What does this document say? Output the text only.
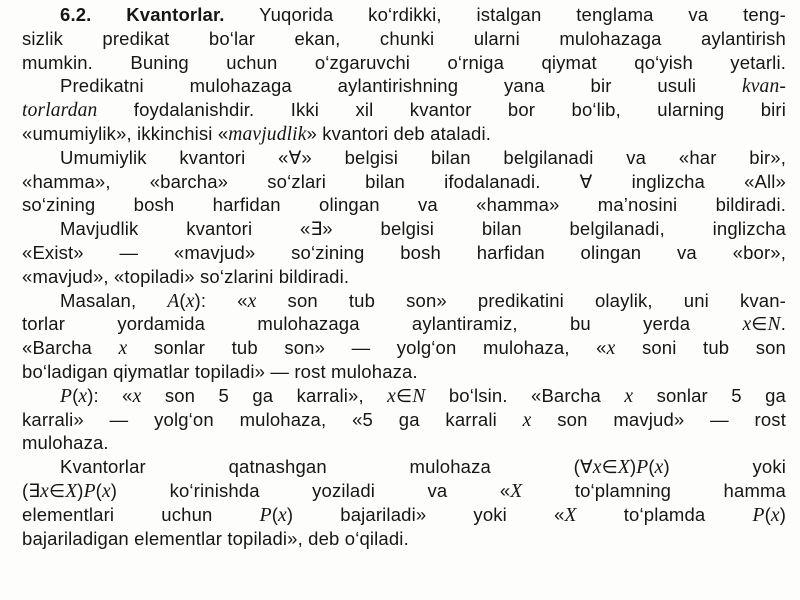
6.2. Kvantorlar. Yuqorida ko‘rdikki, istalgan tenglama va teng-
sizlik predikat bo‘lar ekan, chunki ularni mulohazaga aylantirish
mumkin. Buning uchun o‘zgaruvchi o‘rniga qiymat qo‘yish yetarli.
Predikatni mulohazaga aylantirishning yana bir usuli kvan-
torlardan foydalanishdir. Ikki xil kvantor bor bo‘lib, ularning biri
«umumiylik», ikkinchisi «mavjudlik» kvantori deb ataladi.
Umumiylik kvantori «∀» belgisi bilan belgilanadi va «har bir»,
«hamma», «barcha» so‘zlari bilan ifodalanadi. ∀ inglizcha «All»
so‘zining bosh harfidan olingan va «hamma» ma’nosini bildiradi.
Mavjudlik kvantori «∃» belgisi bilan belgilanadi, inglizcha
«Exist» — «mavjud» so‘zining bosh harfidan olingan va «bor»,
«mavjud», «topiladi» so‘zlarini bildiradi.
Masalan, A(x): «x son tub son» predikatini olaylik, uni kvan-
torlar yordamida mulohazaga aylantiramiz, bu yerda x∈N.
«Barcha x sonlar tub son» — yolg‘on mulohaza, «x soni tub son
bo‘ladigan qiymatlar topiladi» — rost mulohaza.
P(x): «x son 5 ga karrali», x∈N bo‘lsin. «Barcha x sonlar 5 ga
karrali» — yolg‘on mulohaza, «5 ga karrali x son mavjud» — rost
mulohaza.
Kvantorlar qatnashgan mulohaza (∀x∈X)P(x) yoki
(∃x∈X)P(x) ko‘rinishda yoziladi va «X to‘plamning hamma
elementlari uchun P(x) bajariladi» yoki «X to‘plamda P(x)
bajariladigan elementlar topiladi», deb o‘qiladi.
